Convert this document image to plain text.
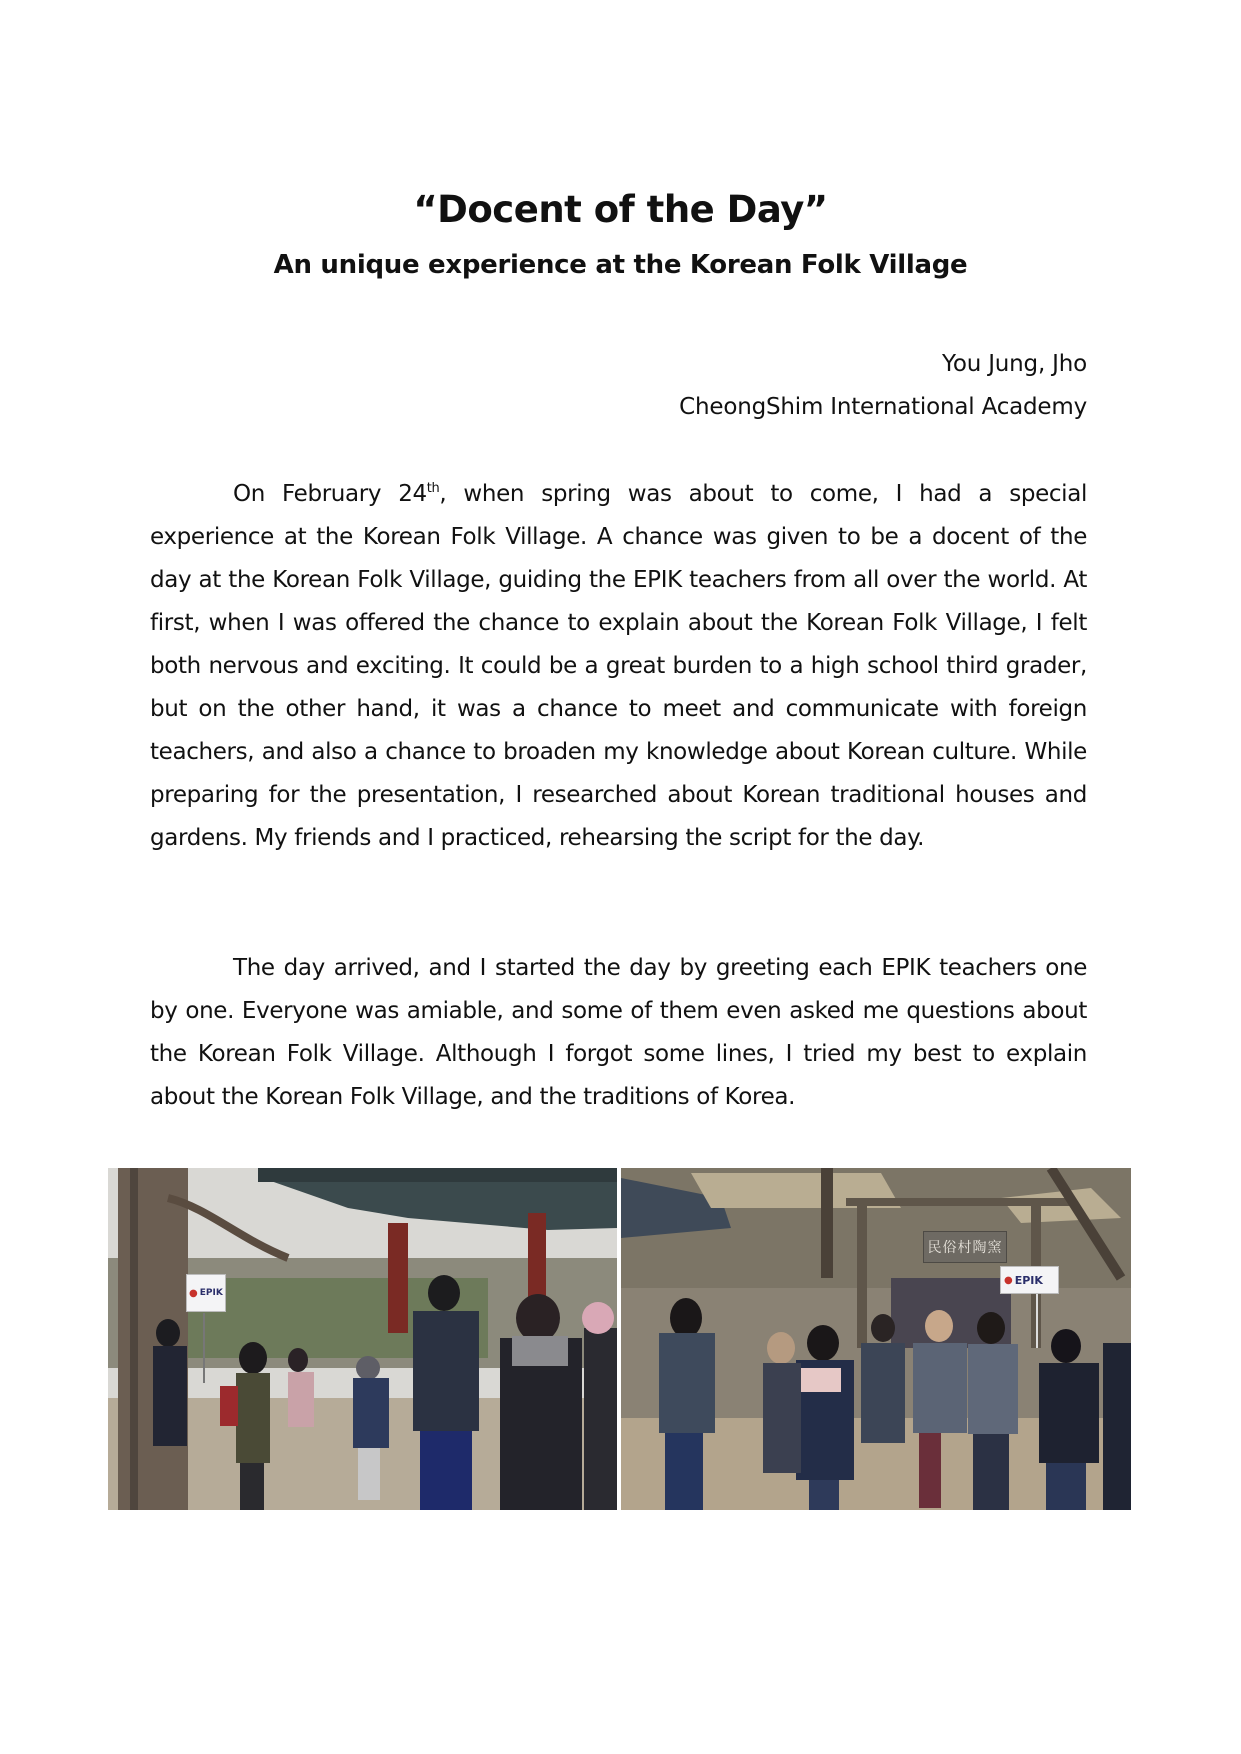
“Docent of the Day”
An unique experience at the Korean Folk Village
You Jung, Jho
CheongShim International Academy

On February 24th, when spring was about to come, I had a special experience at the Korean Folk Village. A chance was given to be a docent of the day at the Korean Folk Village, guiding the EPIK teachers from all over the world. At first, when I was offered the chance to explain about the Korean Folk Village, I felt both nervous and exciting. It could be a great burden to a high school third grader, but on the other hand, it was a chance to meet and communicate with foreign teachers, and also a chance to broaden my knowledge about Korean culture. While preparing for the presentation, I researched about Korean traditional houses and gardens. My friends and I practiced, rehearsing the script for the day.

The day arrived, and I started the day by greeting each EPIK teachers one by one. Everyone was amiable, and some of them even asked me questions about the Korean Folk Village. Although I forgot some lines, I tried my best to explain about the Korean Folk Village, and the traditions of Korea.

● EPIK
民俗村陶窯
● EPIK
